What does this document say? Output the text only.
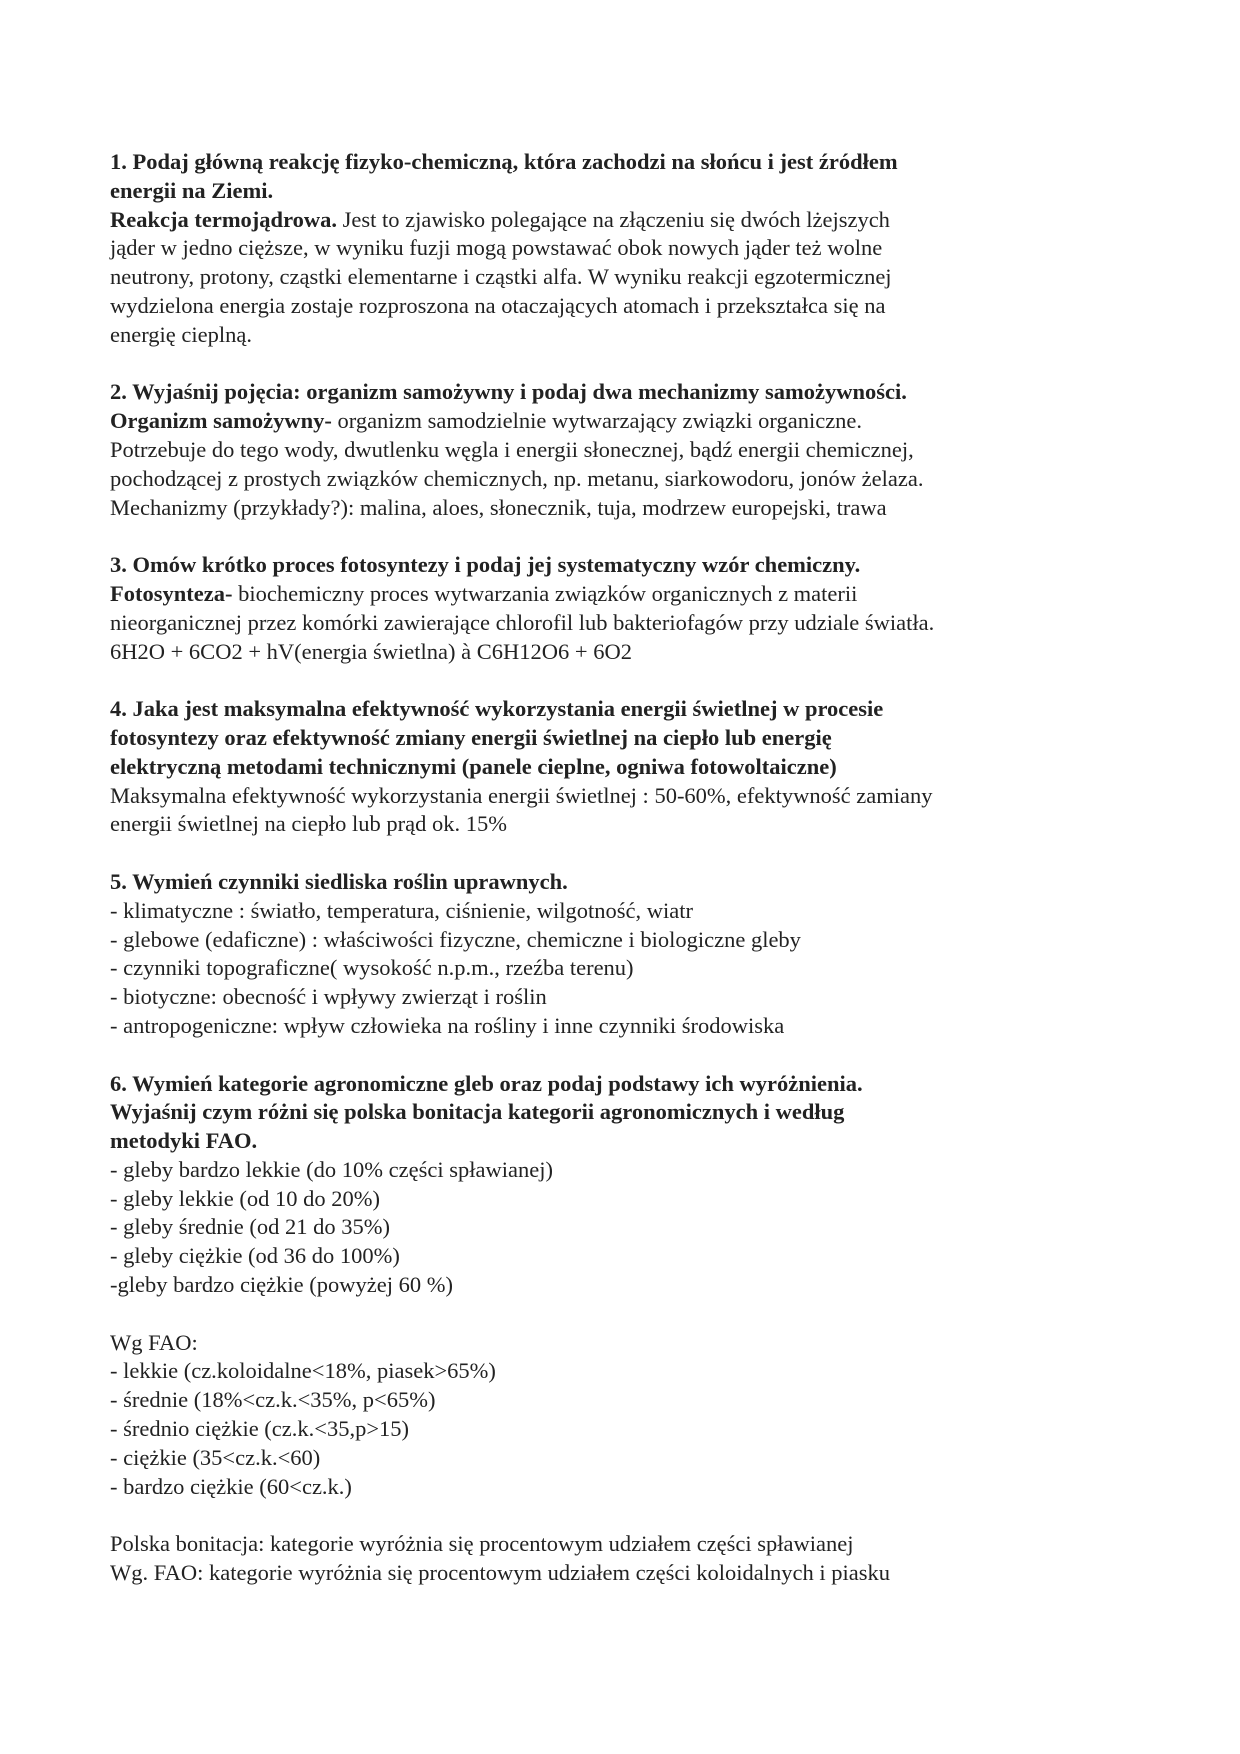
1. Podaj główną reakcję fizyko-chemiczną, która zachodzi na słońcu i jest źródłem
energii na Ziemi.
Reakcja termojądrowa. Jest to zjawisko polegające na złączeniu się dwóch lżejszych
jąder w jedno cięższe, w wyniku fuzji mogą powstawać obok nowych jąder też wolne
neutrony, protony, cząstki elementarne i cząstki alfa. W wyniku reakcji egzotermicznej
wydzielona energia zostaje rozproszona na otaczających atomach i przekształca się na
energię cieplną.
2. Wyjaśnij pojęcia: organizm samożywny i podaj dwa mechanizmy samożywności.
Organizm samożywny- organizm samodzielnie wytwarzający związki organiczne.
Potrzebuje do tego wody, dwutlenku węgla i energii słonecznej, bądź energii chemicznej,
pochodzącej z prostych związków chemicznych, np. metanu, siarkowodoru, jonów żelaza.
Mechanizmy (przykłady?): malina, aloes, słonecznik, tuja, modrzew europejski, trawa
3. Omów krótko proces fotosyntezy i podaj jej systematyczny wzór chemiczny.
Fotosynteza- biochemiczny proces wytwarzania związków organicznych z materii
nieorganicznej przez komórki zawierające chlorofil lub bakteriofagów przy udziale światła.
6H2O + 6CO2 + hV(energia świetlna) à C6H12O6 + 6O2
4. Jaka jest maksymalna efektywność wykorzystania energii świetlnej w procesie
fotosyntezy oraz efektywność zmiany energii świetlnej na ciepło lub energię
elektryczną metodami technicznymi (panele cieplne, ogniwa fotowoltaiczne)
Maksymalna efektywność wykorzystania energii świetlnej : 50-60%, efektywność zamiany
energii świetlnej na ciepło lub prąd ok. 15%
5. Wymień czynniki siedliska roślin uprawnych.
- klimatyczne : światło, temperatura, ciśnienie, wilgotność, wiatr
- glebowe (edaficzne) : właściwości fizyczne, chemiczne i biologiczne gleby
- czynniki topograficzne( wysokość n.p.m., rzeźba terenu)
- biotyczne: obecność i wpływy zwierząt i roślin
- antropogeniczne: wpływ człowieka na rośliny i inne czynniki środowiska
6. Wymień kategorie agronomiczne gleb oraz podaj podstawy ich wyróżnienia.
Wyjaśnij czym różni się polska bonitacja kategorii agronomicznych i według
metodyki FAO.
- gleby bardzo lekkie (do 10% części spławianej)
- gleby lekkie (od 10 do 20%)
- gleby średnie (od 21 do 35%)
- gleby ciężkie (od 36 do 100%)
-gleby bardzo ciężkie (powyżej 60 %)
Wg FAO:
- lekkie (cz.koloidalne<18%, piasek>65%)
- średnie (18%<cz.k.<35%, p<65%)
- średnio ciężkie (cz.k.<35,p>15)
- ciężkie (35<cz.k.<60)
- bardzo ciężkie (60<cz.k.)
Polska bonitacja: kategorie wyróżnia się procentowym udziałem części spławianej
Wg. FAO: kategorie wyróżnia się procentowym udziałem części koloidalnych i piasku
